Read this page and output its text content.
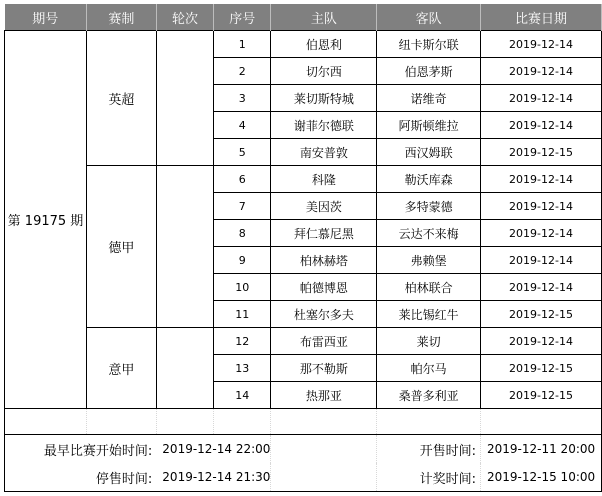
期号	赛制	轮次	序号	主队	客队	比赛日期
第 19175 期	英超		1	伯恩利	纽卡斯尔联	2019-12-14
			2	切尔西	伯恩茅斯	2019-12-14
			3	莱切斯特城	诺维奇	2019-12-14
			4	谢菲尔德联	阿斯顿维拉	2019-12-14
			5	南安普敦	西汉姆联	2019-12-15
	德甲		6	科隆	勒沃库森	2019-12-14
			7	美因茨	多特蒙德	2019-12-14
			8	拜仁慕尼黑	云达不来梅	2019-12-14
			9	柏林赫塔	弗赖堡	2019-12-14
			10	帕德博恩	柏林联合	2019-12-14
			11	杜塞尔多夫	莱比锡红牛	2019-12-15
	意甲		12	布雷西亚	莱切	2019-12-14
			13	那不勒斯	帕尔马	2019-12-15
			14	热那亚	桑普多利亚	2019-12-15

最早比赛开始时间:		2019-12-14 22:00			开售时间:	2019-12-11 20:00
停售时间:		2019-12-14 21:30			计奖时间:	2019-12-15 10:00
